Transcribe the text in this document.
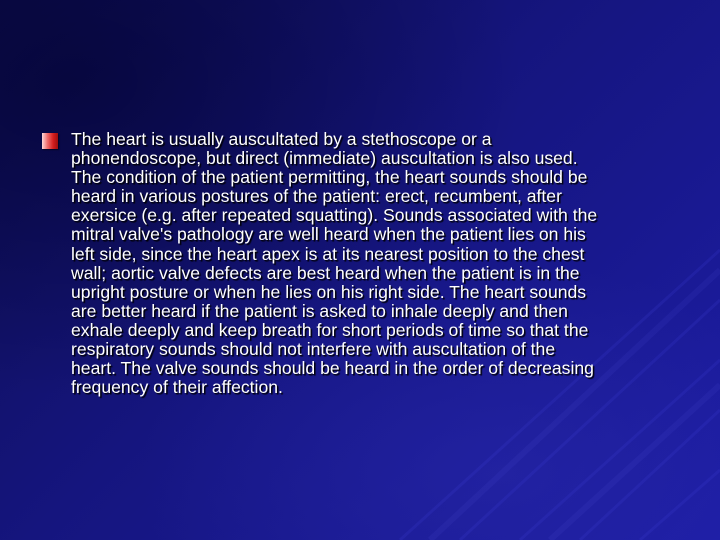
The heart is usually auscultated by a stethoscope or a
phonendoscope, but direct (immediate) auscultation is also used.
The condition of the patient permitting, the heart sounds should be
heard in various postures of the patient: erect, recumbent, after
exersice (e.g. after repeated squatting). Sounds associated with the
mitral valve's pathology are well heard when the patient lies on his
left side, since the heart apex is at its nearest position to the chest
wall; aortic valve defects are best heard when the patient is in the
upright posture or when he lies on his right side. The heart sounds
are better heard if the patient is asked to inhale deeply and then
exhale deeply and keep breath for short periods of time so that the
respiratory sounds should not interfere with auscultation of the
heart. The valve sounds should be heard in the order of decreasing
frequency of their affection.
